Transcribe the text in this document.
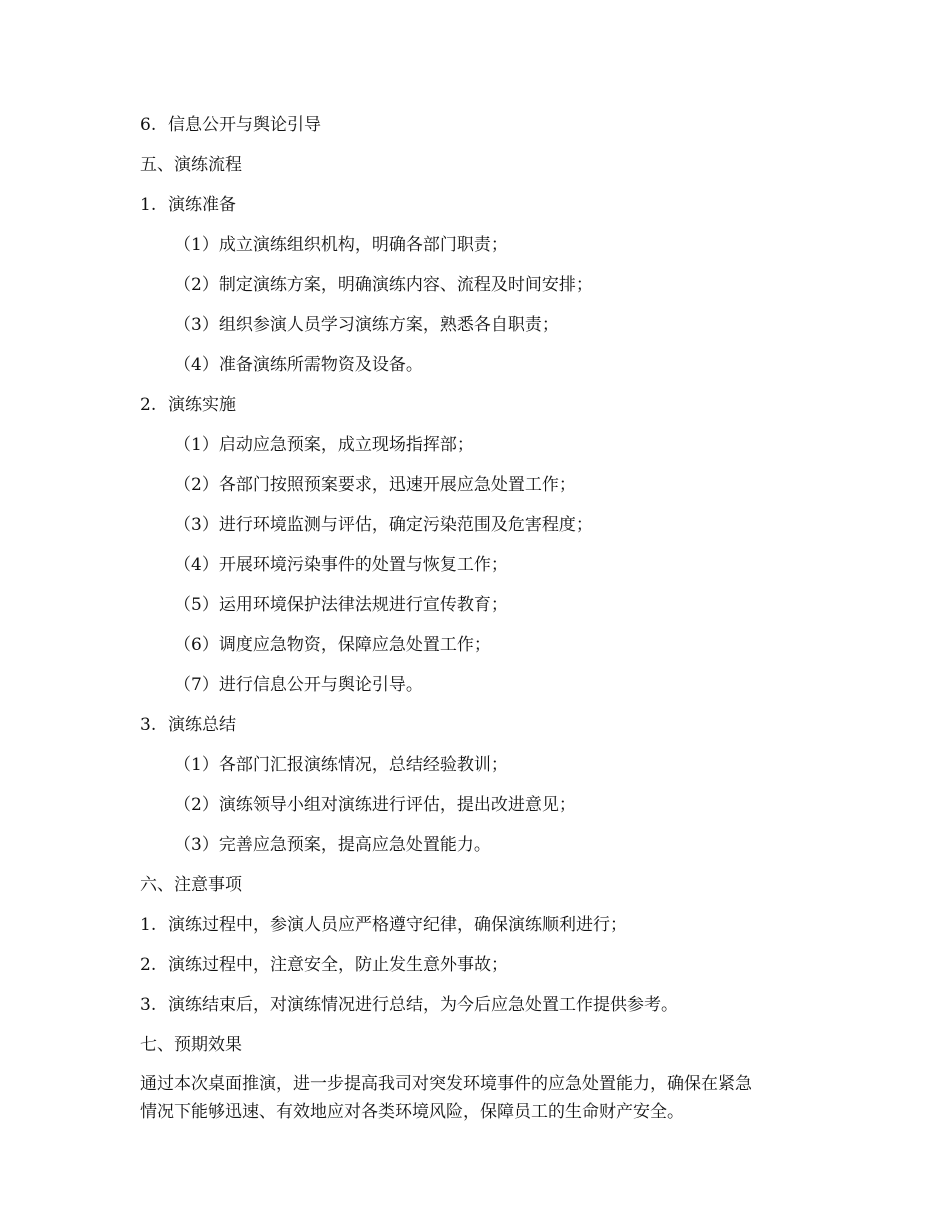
6. 信息公开与舆论引导
五、演练流程
1. 演练准备
（1）成立演练组织机构，明确各部门职责；
（2）制定演练方案，明确演练内容、流程及时间安排；
（3）组织参演人员学习演练方案，熟悉各自职责；
（4）准备演练所需物资及设备。
2. 演练实施
（1）启动应急预案，成立现场指挥部；
（2）各部门按照预案要求，迅速开展应急处置工作；
（3）进行环境监测与评估，确定污染范围及危害程度；
（4）开展环境污染事件的处置与恢复工作；
（5）运用环境保护法律法规进行宣传教育；
（6）调度应急物资，保障应急处置工作；
（7）进行信息公开与舆论引导。
3. 演练总结
（1）各部门汇报演练情况，总结经验教训；
（2）演练领导小组对演练进行评估，提出改进意见；
（3）完善应急预案，提高应急处置能力。
六、注意事项
1. 演练过程中，参演人员应严格遵守纪律，确保演练顺利进行；
2. 演练过程中，注意安全，防止发生意外事故；
3. 演练结束后，对演练情况进行总结，为今后应急处置工作提供参考。
七、预期效果
通过本次桌面推演，进一步提高我司对突发环境事件的应急处置能力，确保在紧急
情况下能够迅速、有效地应对各类环境风险，保障员工的生命财产安全。
